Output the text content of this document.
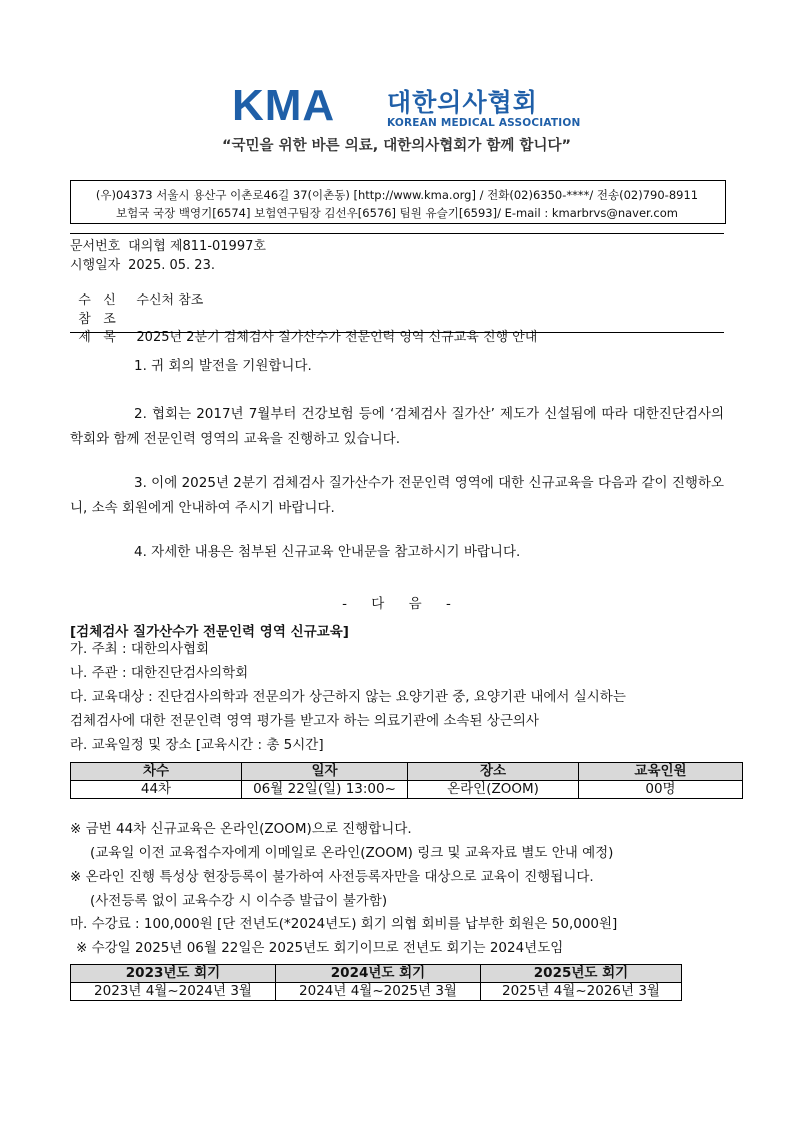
KMA 대한의사협회
KOREAN MEDICAL ASSOCIATION
“국민을 위한 바른 의료, 대한의사협회가 함께 합니다”
(우)04373 서울시 용산구 이촌로46길 37(이촌동) [http://www.kma.org] / 전화(02)6350-****/ 전송(02)790-8911
보험국 국장 백영기[6574] 보험연구팀장 김선우[6576] 팀원 유슬기[6593]/ E-mail : kmarbrvs@naver.com
문서번호 대의협 제811-01997호
시행일자 2025. 05. 23.

수   신 수신처 참조

참   조

제   목 2025년 2분기 검체검사 질가산수가 전문인력 영역 신규교육 진행 안내

1. 귀 회의 발전을 기원합니다.
2. 협회는 2017년 7월부터 건강보험 등에 ‘검체검사 질가산’ 제도가 신설됨에 따라 대한진단검사의학회와 함께 전문인력 영역의 교육을 진행하고 있습니다.
3. 이에 2025년 2분기 검체검사 질가산수가 전문인력 영역에 대한 신규교육을 다음과 같이 진행하오니, 소속 회원에게 안내하여 주시기 바랍니다.
4. 자세한 내용은 첨부된 신규교육 안내문을 참고하시기 바랍니다.
- 다 음 -
[검체검사 질가산수가 전문인력 영역 신규교육]
가. 주최 : 대한의사협회
나. 주관 : 대한진단검사의학회
다. 교육대상 : 진단검사의학과 전문의가 상근하지 않는 요양기관 중, 요양기관 내에서 실시하는
검체검사에 대한 전문인력 영역 평가를 받고자 하는 의료기관에 소속된 상근의사
라. 교육일정 및 장소 [교육시간 : 총 5시간]
차수	일자	장소	교육인원
44차	06월 22일(일) 13:00~	온라인(ZOOM)	00명
※ 금번 44차 신규교육은 온라인(ZOOM)으로 진행합니다.
(교육일 이전 교육접수자에게 이메일로 온라인(ZOOM) 링크 및 교육자료 별도 안내 예정)
※ 온라인 진행 특성상 현장등록이 불가하여 사전등록자만을 대상으로 교육이 진행됩니다.
(사전등록 없이 교육수강 시 이수증 발급이 불가함)
마. 수강료 : 100,000원 [단 전년도(*2024년도) 회기 의협 회비를 납부한 회원은 50,000원]
※ 수강일 2025년 06월 22일은 2025년도 회기이므로 전년도 회기는 2024년도임
2023년도 회기	2024년도 회기	2025년도 회기
2023년 4월~2024년 3월	2024년 4월~2025년 3월	2025년 4월~2026년 3월
